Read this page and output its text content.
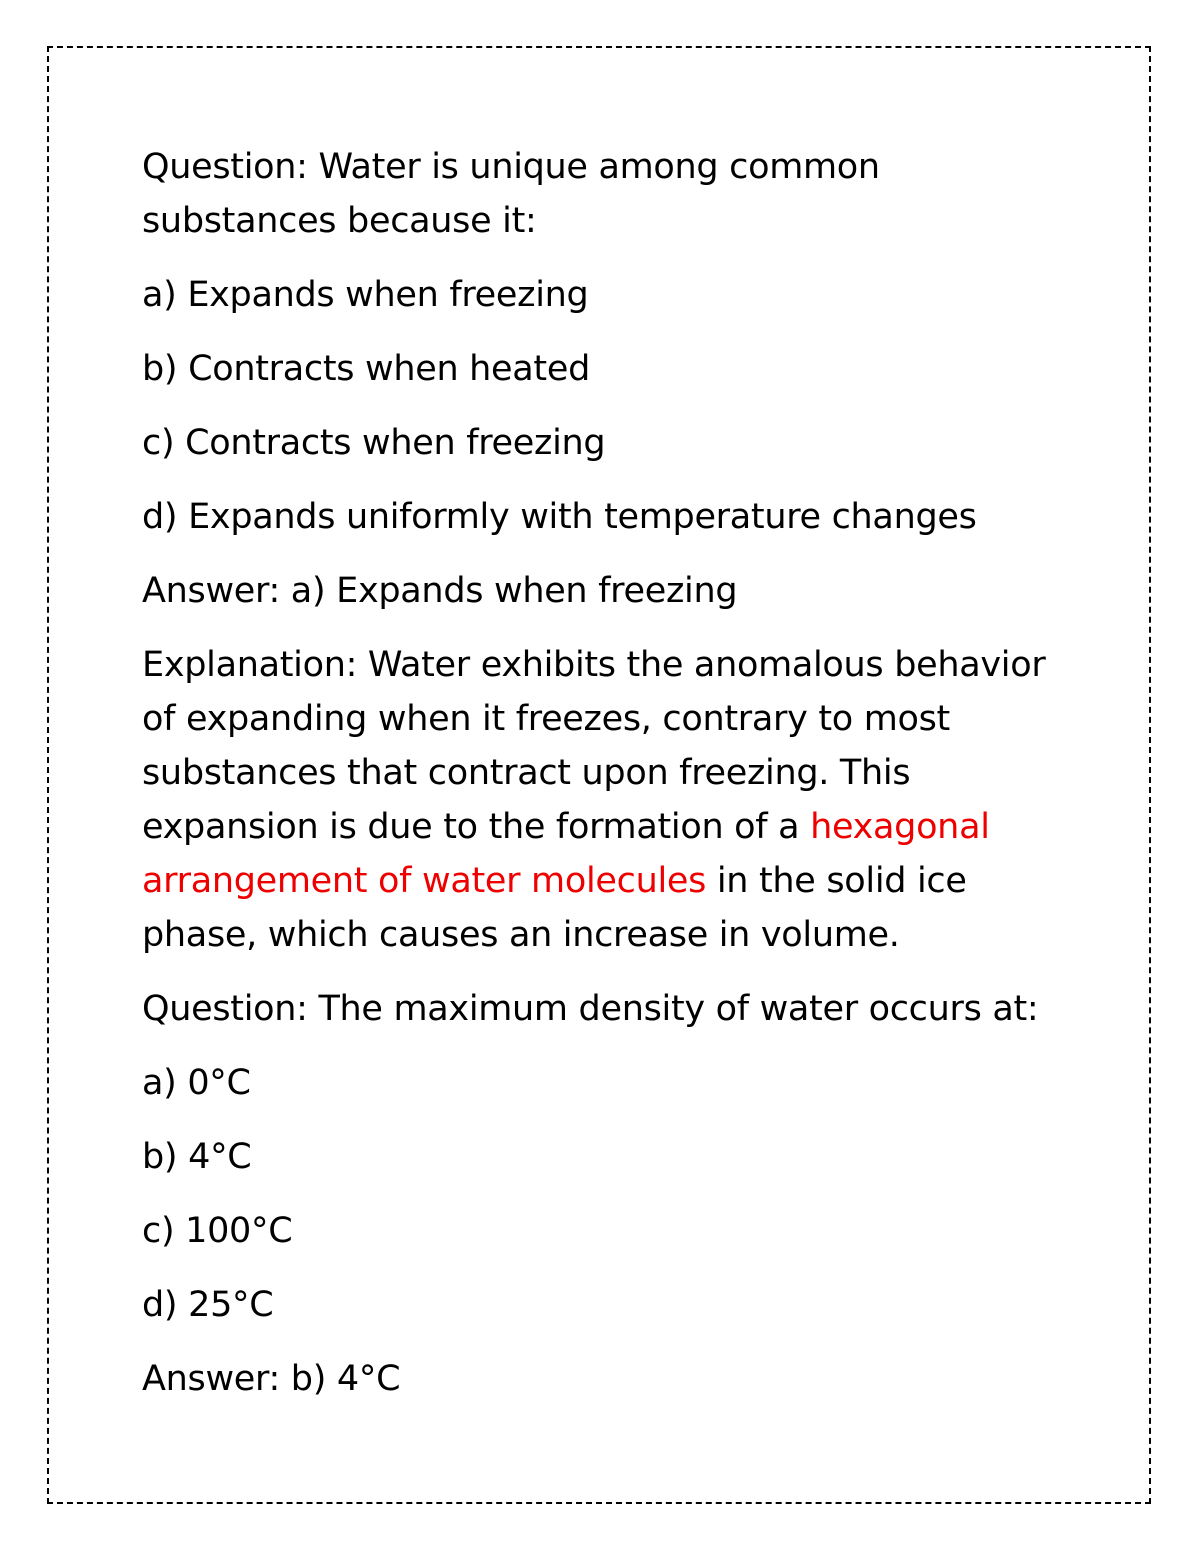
Question: Water is unique among common substances because it:

a) Expands when freezing

b) Contracts when heated

c) Contracts when freezing

d) Expands uniformly with temperature changes

Answer: a) Expands when freezing

Explanation: Water exhibits the anomalous behavior of expanding when it freezes, contrary to most substances that contract upon freezing. This expansion is due to the formation of a hexagonal arrangement of water molecules in the solid ice phase, which causes an increase in volume.

Question: The maximum density of water occurs at:

a) 0°C

b) 4°C

c) 100°C

d) 25°C

Answer: b) 4°C
